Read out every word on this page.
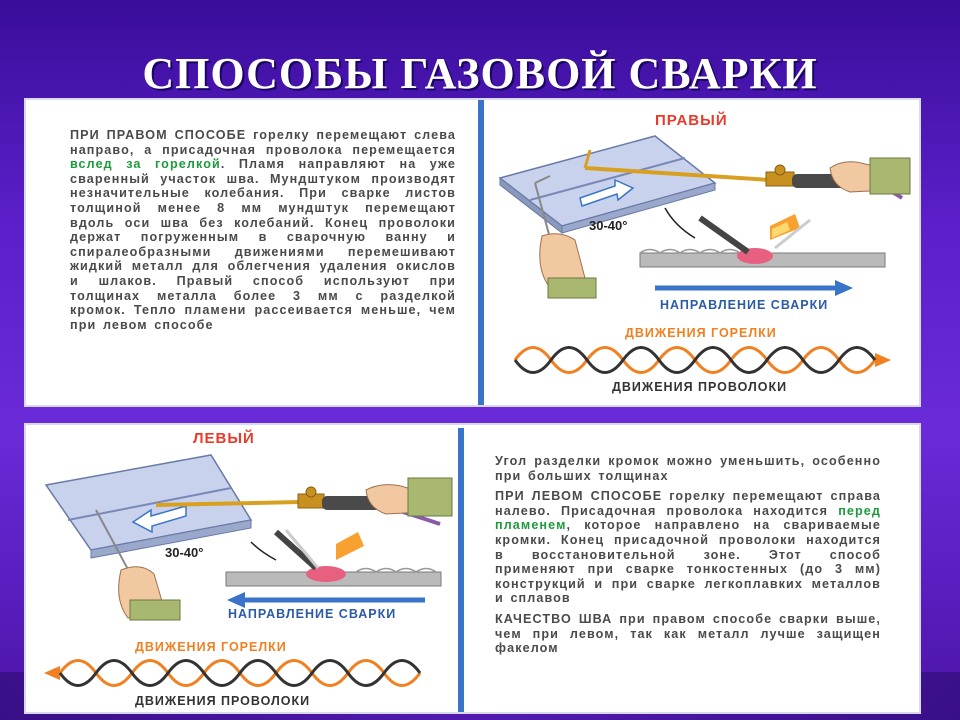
СПОСОБЫ ГАЗОВОЙ СВАРКИ
ПРИ ПРАВОМ СПОСОБЕ горелку перемещают слева направо, а присадочная проволока перемещается вслед за горелкой. Пламя направляют на уже сваренный участок шва. Мундштуком производят незначительные колебания. При сварке листов толщиной менее 8 мм мундштук перемещают вдоль оси шва без колебаний. Конец проволоки держат погруженным в сварочную ванну и спиралеобразными движениями перемешивают жидкий металл для облегчения удаления окислов и шлаков. Правый способ используют при толщинах металла более 3 мм с разделкой кромок. Тепло пламени рассеивается меньше, чем при левом способе
ПРАВЫЙ
30-40°
НАПРАВЛЕНИЕ СВАРКИ
ДВИЖЕНИЯ ГОРЕЛКИ
ДВИЖЕНИЯ ПРОВОЛОКИ
ЛЕВЫЙ
30-40°
НАПРАВЛЕНИЕ СВАРКИ
ДВИЖЕНИЯ ГОРЕЛКИ
ДВИЖЕНИЯ ПРОВОЛОКИ

Угол разделки кромок можно уменьшить, особенно при больших толщинах

ПРИ ЛЕВОМ СПОСОБЕ горелку перемещают справа налево. Присадочная проволока находится перед пламенем, которое направлено на свариваемые кромки. Конец присадочной проволоки находится в восстановительной зоне. Этот способ применяют при сварке тонкостенных (до 3 мм) конструкций и при сварке легкоплавких металлов и сплавов

КАЧЕСТВО ШВА при правом способе сварки выше, чем при левом, так как металл лучше защищен факелом
